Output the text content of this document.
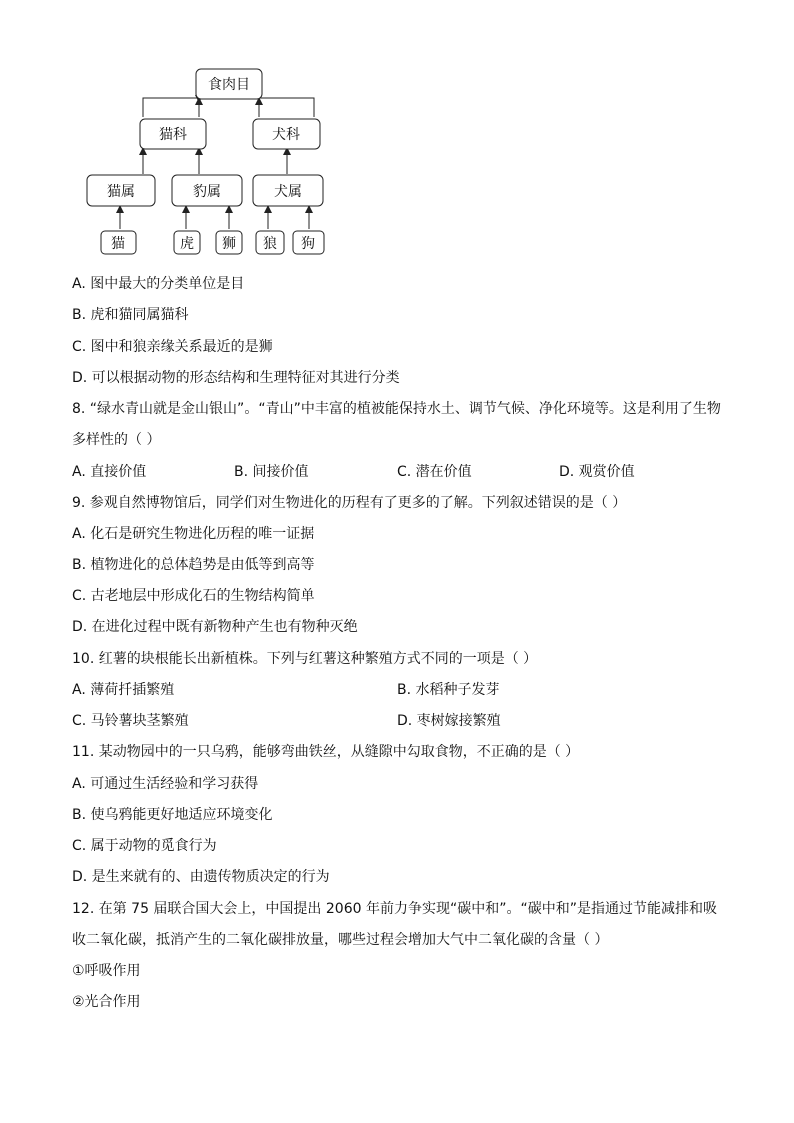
食肉目
猫科	犬科
猫属	豹属	犬属
猫	虎 狮 狼 狗
A. 图中最大的分类单位是目
B. 虎和猫同属猫科
C. 图中和狼亲缘关系最近的是狮
D. 可以根据动物的形态结构和生理特征对其进行分类
8. “绿水青山就是金山银山”。“青山”中丰富的植被能保持水土、调节气候、净化环境等。这是利用了生物
多样性的（ ）
A. 直接价值	B. 间接价值	C. 潜在价值	D. 观赏价值
9. 参观自然博物馆后，同学们对生物进化的历程有了更多的了解。下列叙述错误的是（ ）
A. 化石是研究生物进化历程的唯一证据
B. 植物进化的总体趋势是由低等到高等
C. 古老地层中形成化石的生物结构简单
D. 在进化过程中既有新物种产生也有物种灭绝
10. 红薯的块根能长出新植株。下列与红薯这种繁殖方式不同的一项是（ ）
A. 薄荷扦插繁殖	B. 水稻种子发芽
C. 马铃薯块茎繁殖	D. 枣树嫁接繁殖
11. 某动物园中的一只乌鸦，能够弯曲铁丝，从缝隙中勾取食物，不正确的是（ ）
A. 可通过生活经验和学习获得
B. 使乌鸦能更好地适应环境变化
C. 属于动物的觅食行为
D. 是生来就有的、由遗传物质决定的行为
12. 在第 75 届联合国大会上，中国提出 2060 年前力争实现“碳中和”。“碳中和”是指通过节能减排和吸
收二氧化碳，抵消产生的二氧化碳排放量，哪些过程会增加大气中二氧化碳的含量（ ）
①呼吸作用
②光合作用
